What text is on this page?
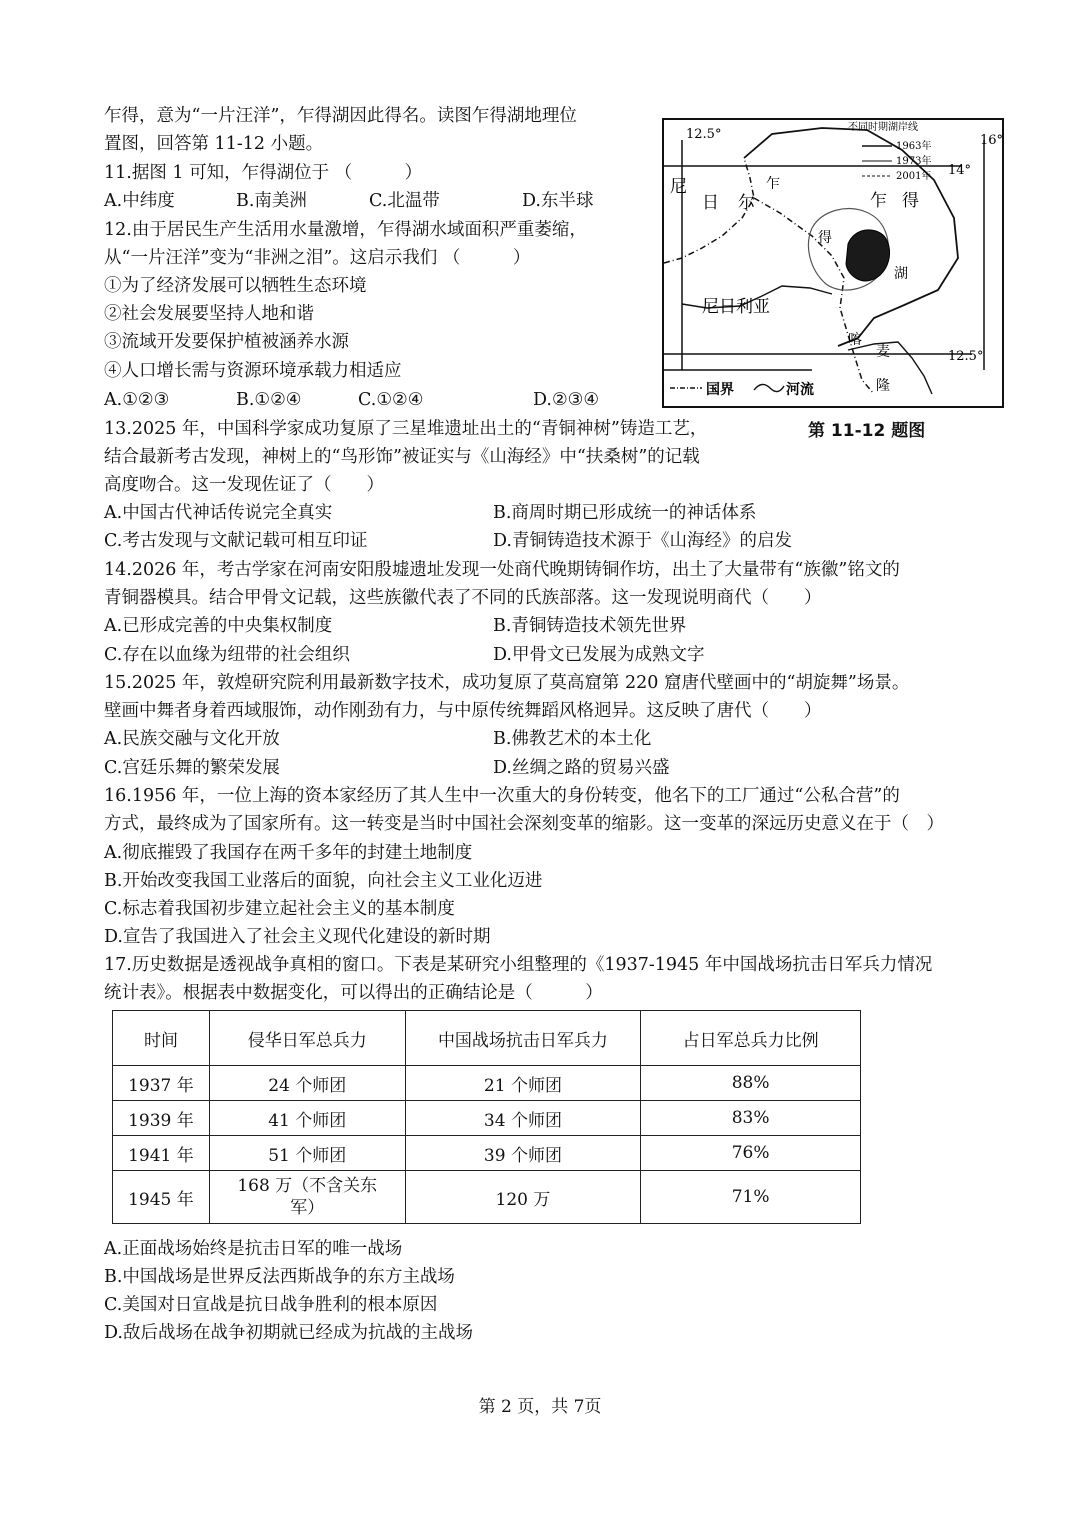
乍得，意为“一片汪洋”，乍得湖因此得名。读图乍得湖地理位
置图，回答第 11-12 小题。
11.据图 1 可知，乍得湖位于 （　　　）
A.中纬度	B.南美洲	C.北温带	D.东半球
12.由于居民生产生活用水量激增，乍得湖水域面积严重萎缩，
从“一片汪洋”变为“非洲之泪”。这启示我们 （　　　）
①为了经济发展可以牺牲生态环境
②社会发展要坚持人地和谐
③流域开发要保护植被涵养水源
④人口增长需与资源环境承载力相适应
A.①②③	B.①②④	C.①②④	D.②③④
不同时期湖岸线
1963年
1973年
2001年
12.5°	16°
14°
12.5°
尼
日 尔	乍 得
乍
得
湖
尼日利亚
喀
麦
隆
国界	河流
第 11-12 题图
13.2025 年，中国科学家成功复原了三星堆遗址出土的“青铜神树”铸造工艺，
结合最新考古发现，神树上的“鸟形饰”被证实与《山海经》中“扶桑树”的记载
高度吻合。这一发现佐证了（　　）
A.中国古代神话传说完全真实	B.商周时期已形成统一的神话体系
C.考古发现与文献记载可相互印证	D.青铜铸造技术源于《山海经》的启发
14.2026 年，考古学家在河南安阳殷墟遗址发现一处商代晚期铸铜作坊，出土了大量带有“族徽”铭文的
青铜器模具。结合甲骨文记载，这些族徽代表了不同的氏族部落。这一发现说明商代（　　）
A.已形成完善的中央集权制度	B.青铜铸造技术领先世界
C.存在以血缘为纽带的社会组织	D.甲骨文已发展为成熟文字
15.2025 年，敦煌研究院利用最新数字技术，成功复原了莫高窟第 220 窟唐代壁画中的“胡旋舞”场景。
壁画中舞者身着西域服饰，动作刚劲有力，与中原传统舞蹈风格迥异。这反映了唐代（　　）
A.民族交融与文化开放	B.佛教艺术的本土化
C.宫廷乐舞的繁荣发展	D.丝绸之路的贸易兴盛
16.1956 年，一位上海的资本家经历了其人生中一次重大的身份转变，他名下的工厂通过“公私合营”的
方式，最终成为了国家所有。这一转变是当时中国社会深刻变革的缩影。这一变革的深远历史意义在于（　）
A.彻底摧毁了我国存在两千多年的封建土地制度
B.开始改变我国工业落后的面貌，向社会主义工业化迈进
C.标志着我国初步建立起社会主义的基本制度
D.宣告了我国进入了社会主义现代化建设的新时期
17.历史数据是透视战争真相的窗口。下表是某研究小组整理的《1937-1945 年中国战场抗击日军兵力情况
统计表》。根据表中数据变化，可以得出的正确结论是（　　　）
时间	侵华日军总兵力	中国战场抗击日军兵力	占日军总兵力比例
1937 年	24 个师团	21 个师团	88%
1939 年	41 个师团	34 个师团	83%
1941 年	51 个师团	39 个师团	76%
1945 年	168 万（不含关东
军）	120 万	71%
A.正面战场始终是抗击日军的唯一战场
B.中国战场是世界反法西斯战争的东方主战场
C.美国对日宣战是抗日战争胜利的根本原因
D.敌后战场在战争初期就已经成为抗战的主战场
第 2 页，共 7页
